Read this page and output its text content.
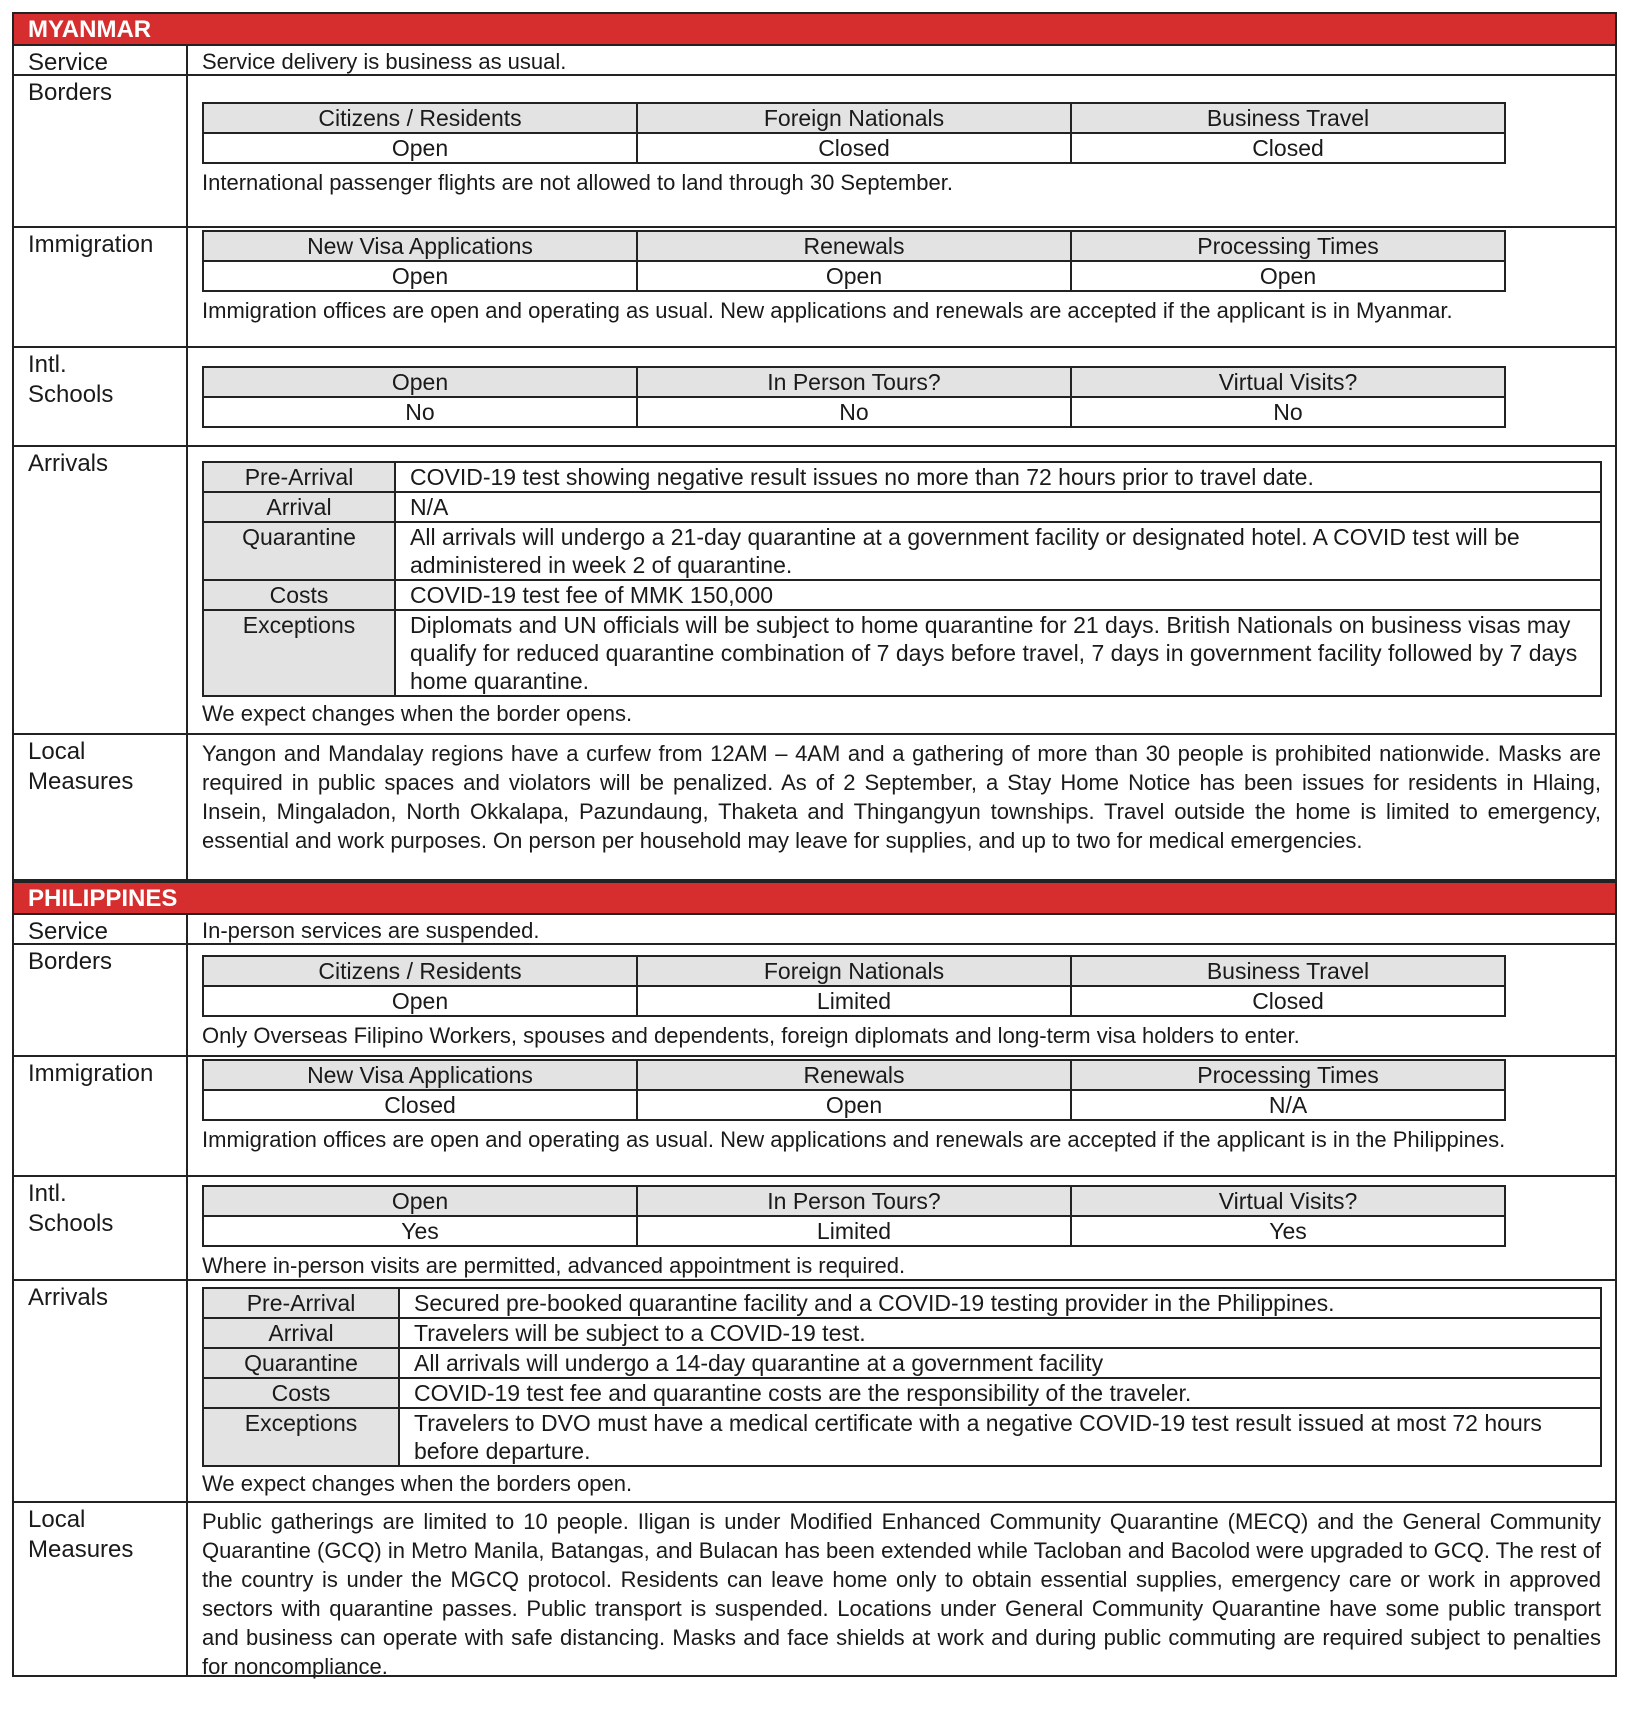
MYANMAR
Service	Service delivery is business as usual.

Borders
Citizens / Residents	Foreign Nationals	Business Travel
Open	Closed	Closed

International passenger flights are not allowed to land through 30 September.

Immigration	New Visa Applications	Renewals	Processing Times
Open	Open	Open

Immigration offices are open and operating as usual. New applications and renewals are accepted if the applicant is in Myanmar.

Intl.
Schools	Open	In Person Tours?	Virtual Visits?
No	No	No
Arrivals	Pre-Arrival	COVID-19 test showing negative result issues no more than 72 hours prior to travel date.
Arrival	N/A
Quarantine	All arrivals will undergo a 21-day quarantine at a government facility or designated hotel. A COVID test will be administered in week 2 of quarantine.
Costs	COVID-19 test fee of MMK 150,000
Exceptions	Diplomats and UN officials will be subject to home quarantine for 21 days. British Nationals on business visas may qualify for reduced quarantine combination of 7 days before travel, 7 days in government facility followed by 7 days home quarantine.

We expect changes when the border opens.

Local
Measures

Yangon and Mandalay regions have a curfew from 12AM – 4AM and a gathering of more than 30 people is prohibited nationwide. Masks are required in public spaces and violators will be penalized. As of 2 September, a Stay Home Notice has been issues for residents in Hlaing, Insein, Mingaladon, North Okkalapa, Pazundaung, Thaketa and Thingangyun townships. Travel outside the home is limited to emergency, essential and work purposes. On person per household may leave for supplies, and up to two for medical emergencies.

PHILIPPINES
Service	In-person services are suspended.

Borders	Citizens / Residents	Foreign Nationals	Business Travel
Open	Limited	Closed

Only Overseas Filipino Workers, spouses and dependents, foreign diplomats and long-term visa holders to enter.

Immigration	New Visa Applications	Renewals	Processing Times
Closed	Open	N/A

Immigration offices are open and operating as usual. New applications and renewals are accepted if the applicant is in the Philippines.

Intl.
Schools
Open	In Person Tours?	Virtual Visits?
Yes	Limited	Yes

Where in-person visits are permitted, advanced appointment is required.

Arrivals	Pre-Arrival	Secured pre-booked quarantine facility and a COVID-19 testing provider in the Philippines.
Arrival	Travelers will be subject to a COVID-19 test.
Quarantine	All arrivals will undergo a 14-day quarantine at a government facility
Costs	COVID-19 test fee and quarantine costs are the responsibility of the traveler.
Exceptions	Travelers to DVO must have a medical certificate with a negative COVID-19 test result issued at most 72 hours before departure.

We expect changes when the borders open.

Local
Measures

Public gatherings are limited to 10 people. Iligan is under Modified Enhanced Community Quarantine (MECQ) and the General Community Quarantine (GCQ) in Metro Manila, Batangas, and Bulacan has been extended while Tacloban and Bacolod were upgraded to GCQ. The rest of the country is under the MGCQ protocol. Residents can leave home only to obtain essential supplies, emergency care or work in approved sectors with quarantine passes. Public transport is suspended. Locations under General Community Quarantine have some public transport and business can operate with safe distancing. Masks and face shields at work and during public commuting are required subject to penalties for noncompliance.
